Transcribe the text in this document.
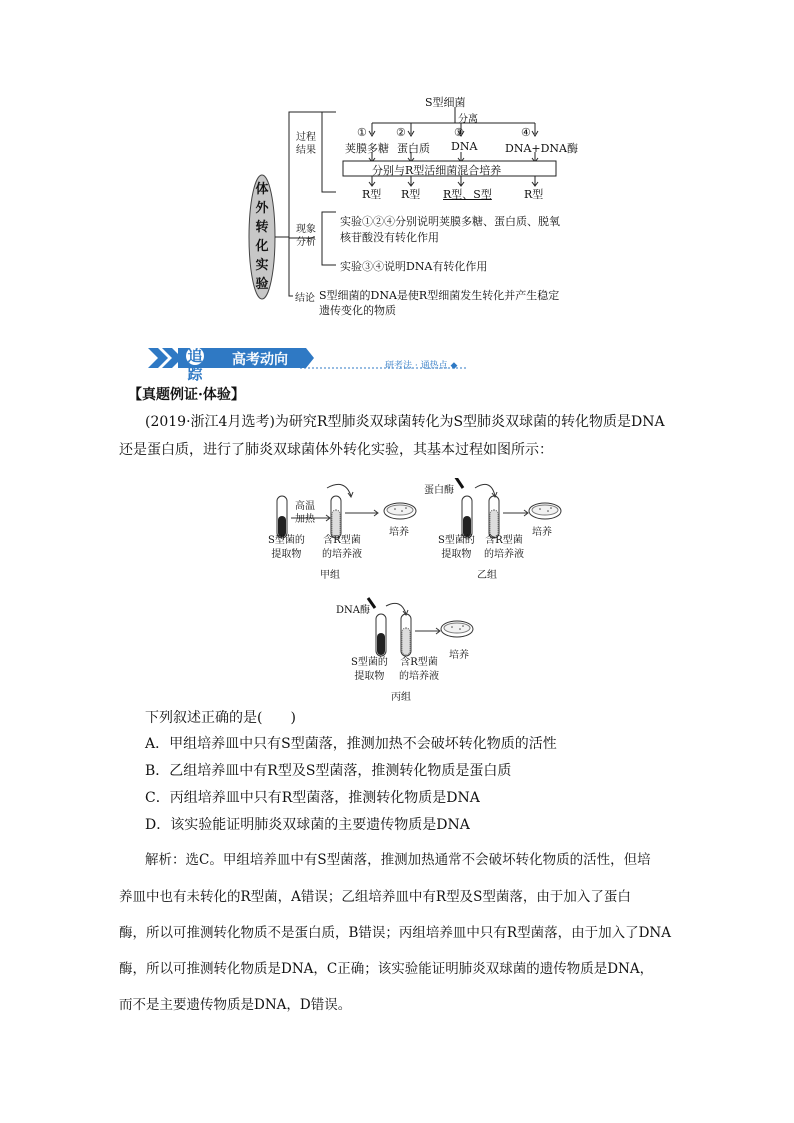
体外转化实验
过程
结果
现象
分析
结论
S型细菌
分离
①	②	③	④
荚膜多糖 蛋白质 DNA	DNA+DNA酶
分别与R型活细菌混合培养
R型 R型 R型、S型	R型
实验①②④分别说明荚膜多糖、蛋白质、脱氧
核苷酸没有转化作用
实验③④说明DNA有转化作用
S型细菌的DNA是使R型细菌发生转化并产生稳定
遗传变化的物质
追踪
高考动向	研考法 · 通热点 ◆
【真题例证·体验】
(2019·浙江4月选考)为研究R型肺炎双球菌转化为S型肺炎双球菌的转化物质是DNA
还是蛋白质，进行了肺炎双球菌体外转化实验，其基本过程如图所示：
高温
加热
S型菌的
提取物
含R型菌
的培养液
培养
甲组
蛋白酶
S型菌的
提取物
含R型菌
的培养液
培养
乙组
DNA酶
S型菌的
提取物
含R型菌
的培养液
培养
丙组
下列叙述正确的是(　　)
A．甲组培养皿中只有S型菌落，推测加热不会破坏转化物质的活性
B．乙组培养皿中有R型及S型菌落，推测转化物质是蛋白质
C．丙组培养皿中只有R型菌落，推测转化物质是DNA
D．该实验能证明肺炎双球菌的主要遗传物质是DNA
解析：选C。甲组培养皿中有S型菌落，推测加热通常不会破坏转化物质的活性，但培
养皿中也有未转化的R型菌，A错误；乙组培养皿中有R型及S型菌落，由于加入了蛋白
酶，所以可推测转化物质不是蛋白质，B错误；丙组培养皿中只有R型菌落，由于加入了DNA
酶，所以可推测转化物质是DNA，C正确；该实验能证明肺炎双球菌的遗传物质是DNA，
而不是主要遗传物质是DNA，D错误。
